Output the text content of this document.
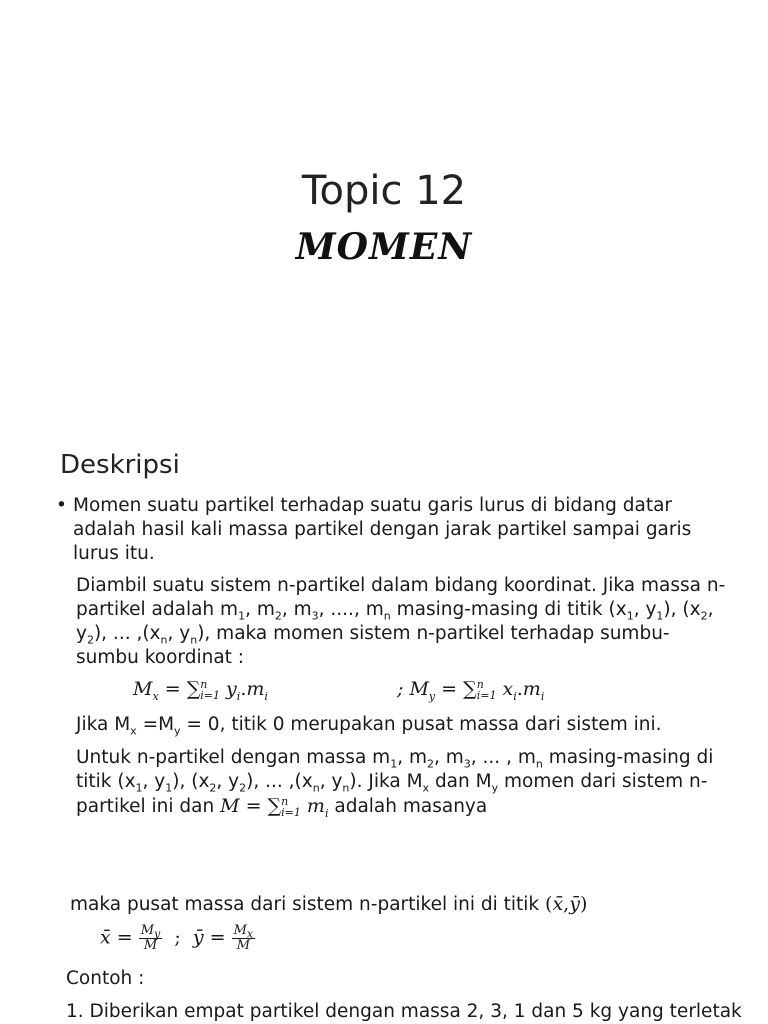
Topic 12
MOMEN
Deskripsi
• Momen suatu partikel terhadap suatu garis lurus di bidang datar
adalah hasil kali massa partikel dengan jarak partikel sampai garis
lurus itu.
Diambil suatu sistem n-partikel dalam bidang koordinat. Jika massa n-
partikel adalah $m_1$, $m_2$, $m_3$, ...., $m_n$ masing-masing di titik ($x_1$, $y_1$), ($x_2$,
$y_2$), ... $,(x_n$, $y_n$), maka momen sistem n-partikel terhadap sumbu-
sumbu koordinat :
$M_x$ = ∑ n
i=1 $y_i.m_i$	; $M_y$ = ∑ n
i=1 $x_i.m_i$
Jika $M_x =M_y = 0$, titik 0 merupakan pusat massa dari sistem ini.
Untuk n-partikel dengan massa $m_1$, $m_2$, $m_3$, ... , $m_n$ masing-masing di
titik ($x_1$, $y_1$), ($x_2$, $y_2$), ... $,(x_n$, $y_n$). Jika $M_x$ dan $M_y$ momen dari sistem n-
partikel ini dan M = ∑ n
i=1 $m_i$ adalah masanya
maka pusat massa dari sistem n-partikel ini di titik (x̄,ȳ)
x̄ = $\frac{M_y}{M}$ ;  ȳ = $\frac{M_x}{M}$
Contoh :
1. Diberikan empat partikel dengan massa 2, 3, 1 dan 5 kg yang terletak
